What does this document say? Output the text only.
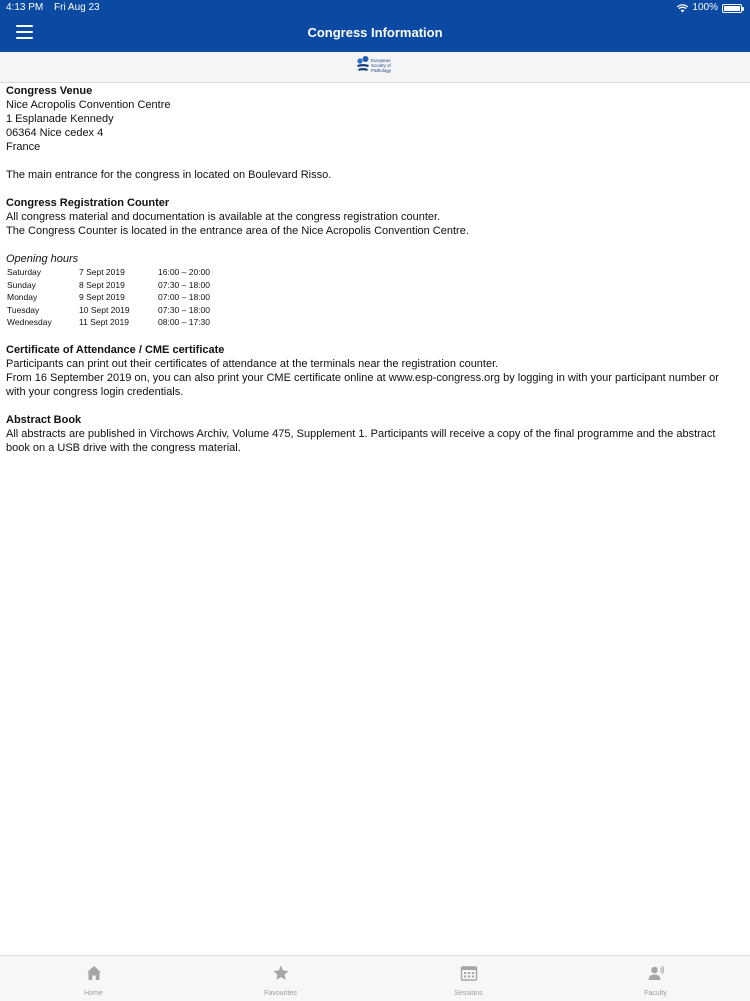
4:13 PM Fri Aug 23	100%
Congress Information
European
Society of
Pathology

Congress Venue

Nice Acropolis Convention Centre

1 Esplanade Kennedy

06364 Nice cedex 4

France

The main entrance for the congress in located on Boulevard Risso.

Congress Registration Counter

All congress material and documentation is available at the congress registration counter.

The Congress Counter is located in the entrance area of the Nice Acropolis Convention Centre.

Opening hours

Saturday	7 Sept 2019	16:00 – 20:00
Sunday	8 Sept 2019	07:30 – 18:00
Monday	9 Sept 2019	07:00 – 18:00
Tuesday	10 Sept 2019	07:30 – 18:00
Wednesday	11 Sept 2019	08:00 – 17:30

Certificate of Attendance / CME certificate

Participants can print out their certificates of attendance at the terminals near the registration counter.

From 16 September 2019 on, you can also print your CME certificate online at www.esp-congress.org by logging in with your participant number or with your congress login credentials.

Abstract Book

All abstracts are published in Virchows Archiv, Volume 475, Supplement 1. Participants will receive a copy of the final programme and the abstract book on a USB drive with the congress material.

Home	Favourites	Sessions	Faculty
